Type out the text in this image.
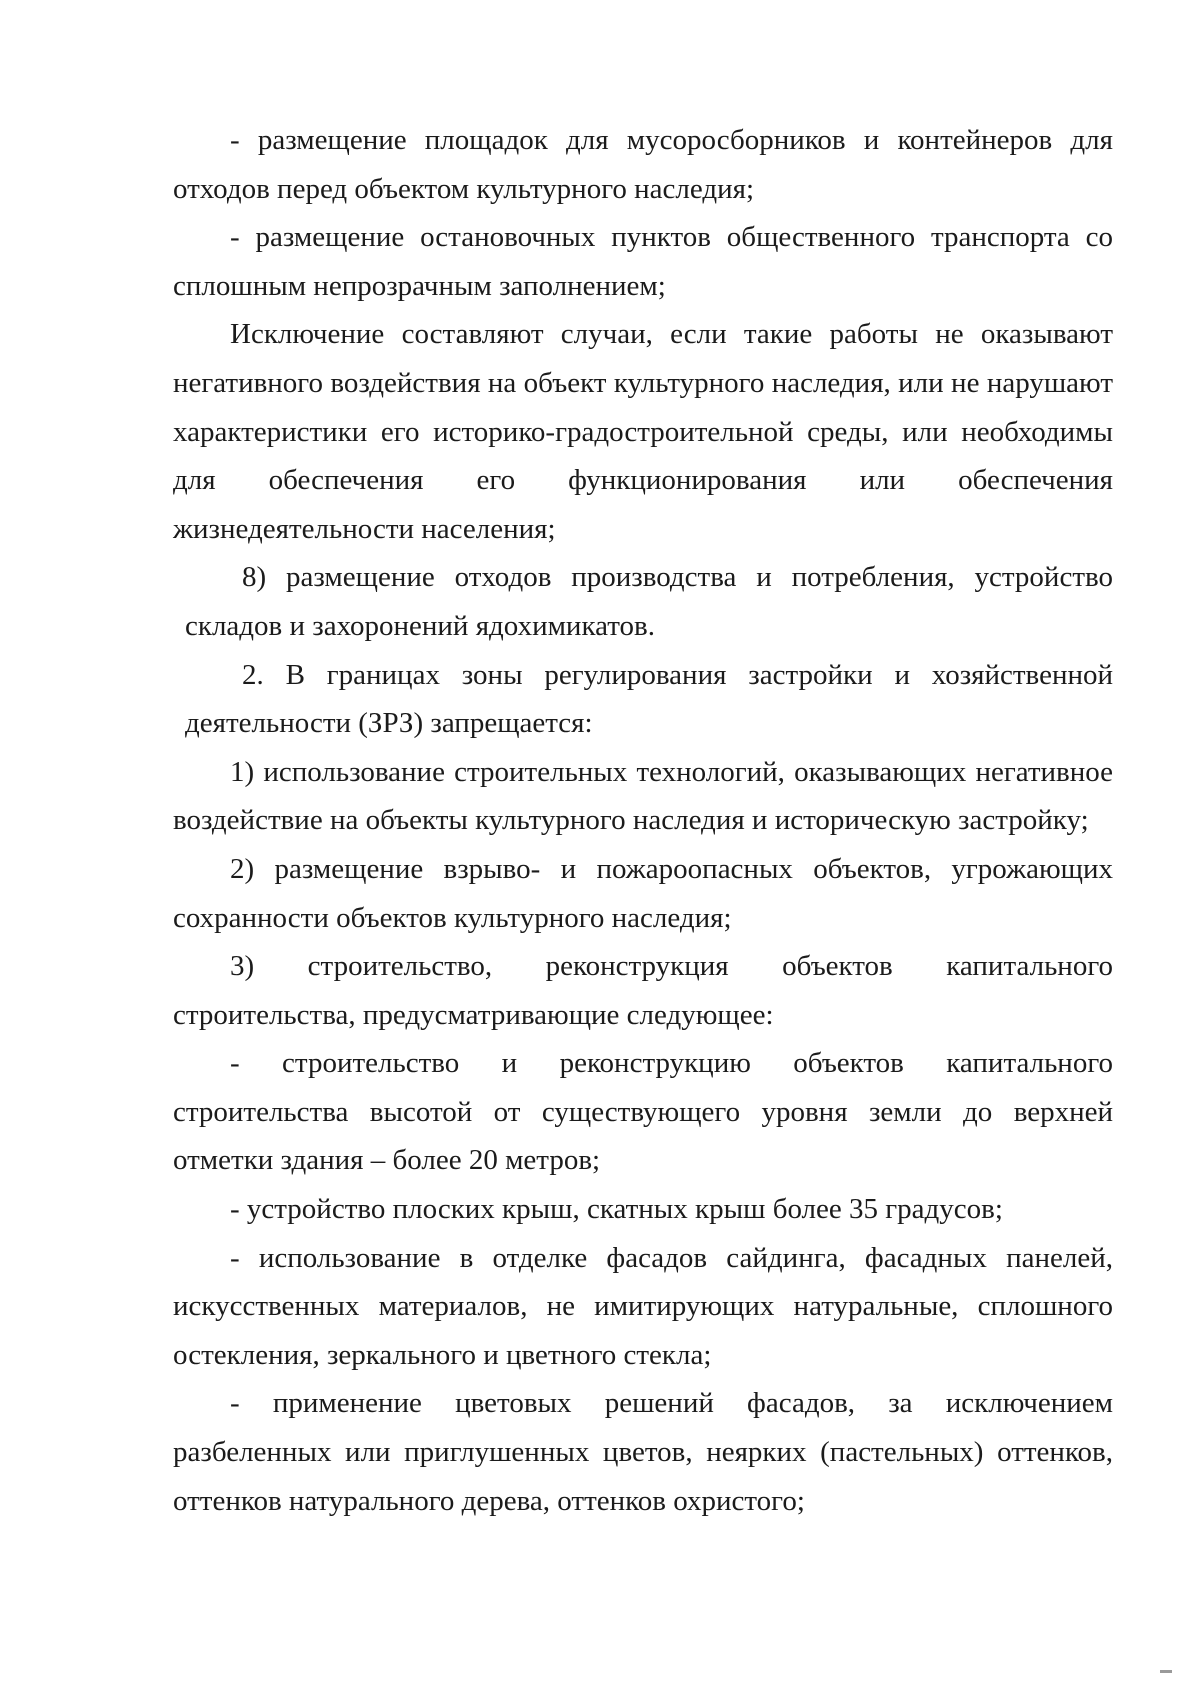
- размещение площадок для мусоросборников и контейнеров для отходов перед объектом культурного наследия;

- размещение остановочных пунктов общественного транспорта со сплошным непрозрачным заполнением;

Исключение составляют случаи, если такие работы не оказывают негативного воздействия на объект культурного наследия, или не нарушают характеристики его историко-градостроительной среды, или необходимы для обеспечения его функционирования или обеспечения жизнедеятельности населения;

8) размещение отходов производства и потребления, устройство складов и захоронений ядохимикатов.

2. В границах зоны регулирования застройки и хозяйственной деятельности (ЗРЗ) запрещается:

1) использование строительных технологий, оказывающих негативное воздействие на объекты культурного наследия и историческую застройку;

2) размещение взрыво- и пожароопасных объектов, угрожающих сохранности объектов культурного наследия;

3) строительство, реконструкция объектов капитального строительства, предусматривающие следующее:

- строительство и реконструкцию объектов капитального строительства высотой от существующего уровня земли до верхней отметки здания – более 20 метров;

- устройство плоских крыш, скатных крыш более 35 градусов;

- использование в отделке фасадов сайдинга, фасадных панелей, искусственных материалов, не имитирующих натуральные, сплошного остекления, зеркального и цветного стекла;

- применение цветовых решений фасадов, за исключением разбеленных или приглушенных цветов, неярких (пастельных) оттенков, оттенков натурального дерева, оттенков охристого;
